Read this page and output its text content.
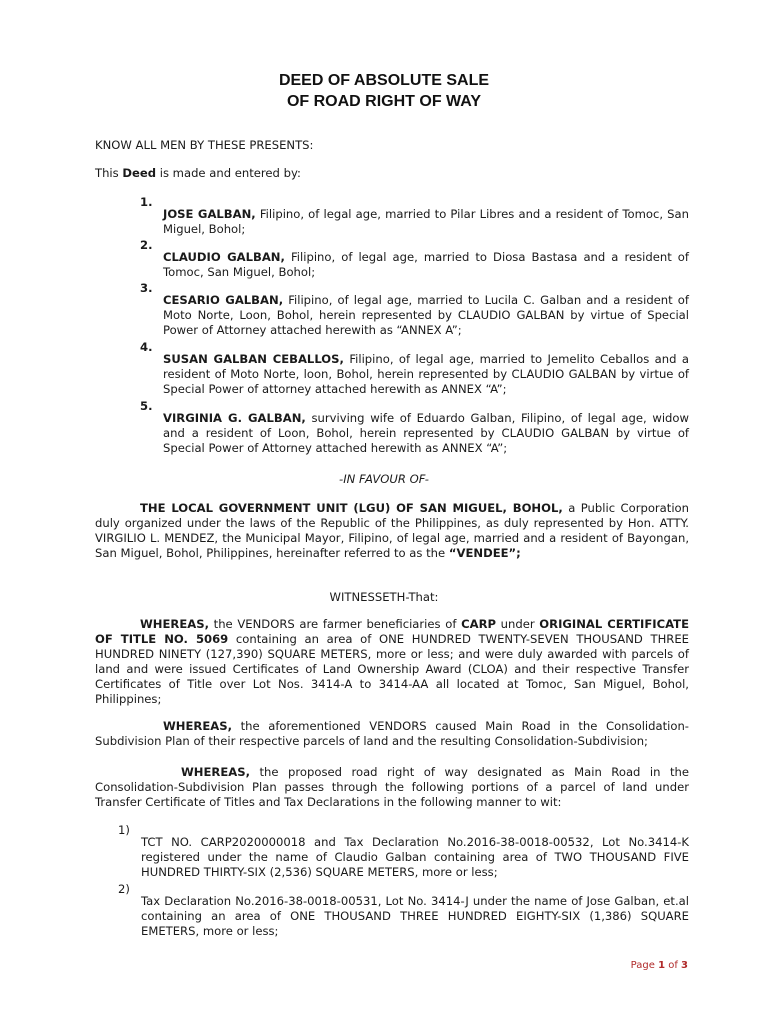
DEED OF ABSOLUTE SALE
OF ROAD RIGHT OF WAY
KNOW ALL MEN BY THESE PRESENTS:
This Deed is made and entered by:
1.

JOSE GALBAN, Filipino, of legal age, married to Pilar Libres and a resident of Tomoc, San Miguel, Bohol;

2.

CLAUDIO GALBAN, Filipino, of legal age, married to Diosa Bastasa and a resident of Tomoc, San Miguel, Bohol;

3.

CESARIO GALBAN, Filipino, of legal age, married to Lucila C. Galban and a resident of Moto Norte, Loon, Bohol, herein represented by CLAUDIO GALBAN by virtue of Special Power of Attorney attached herewith as “ANNEX A”;

4.

SUSAN GALBAN CEBALLOS, Filipino, of legal age, married to Jemelito Ceballos and a resident of Moto Norte, loon, Bohol, herein represented by CLAUDIO GALBAN by virtue of Special Power of attorney attached herewith as ANNEX “A”;

5.

VIRGINIA G. GALBAN, surviving wife of Eduardo Galban, Filipino, of legal age, widow and a resident of Loon, Bohol, herein represented by CLAUDIO GALBAN by virtue of Special Power of Attorney attached herewith as ANNEX “A”;

-IN FAVOUR OF-

THE LOCAL GOVERNMENT UNIT (LGU) OF SAN MIGUEL, BOHOL, a Public Corporation duly organized under the laws of the Republic of the Philippines, as duly represented by Hon. ATTY. VIRGILIO L. MENDEZ, the Municipal Mayor, Filipino, of legal age, married and a resident of Bayongan, San Miguel, Bohol, Philippines, hereinafter referred to as the “VENDEE”;

WITNESSETH-That:

WHEREAS, the VENDORS are farmer beneficiaries of CARP under ORIGINAL CERTIFICATE OF TITLE NO. 5069 containing an area of ONE HUNDRED TWENTY-SEVEN THOUSAND THREE HUNDRED NINETY (127,390) SQUARE METERS, more or less; and were duly awarded with parcels of land and were issued Certificates of Land Ownership Award (CLOA) and their respective Transfer Certificates of Title over Lot Nos. 3414-A to 3414-AA all located at Tomoc, San Miguel, Bohol, Philippines;

WHEREAS, the aforementioned VENDORS caused Main Road in the Consolidation-Subdivision Plan of their respective parcels of land and the resulting Consolidation-Subdivision;

WHEREAS, the proposed road right of way designated as Main Road in the Consolidation-Subdivision Plan passes through the following portions of a parcel of land under Transfer Certificate of Titles and Tax Declarations in the following manner to wit:

1)

TCT NO. CARP2020000018 and Tax Declaration No.2016-38-0018-00532, Lot No.3414-K registered under the name of Claudio Galban containing area of TWO THOUSAND FIVE HUNDRED THIRTY-SIX (2,536) SQUARE METERS, more or less;

2)

Tax Declaration No.2016-38-0018-00531, Lot No. 3414-J under the name of Jose Galban, et.al containing an area of ONE THOUSAND THREE HUNDRED EIGHTY-SIX (1,386) SQUARE EMETERS, more or less;

Page 1 of 3
